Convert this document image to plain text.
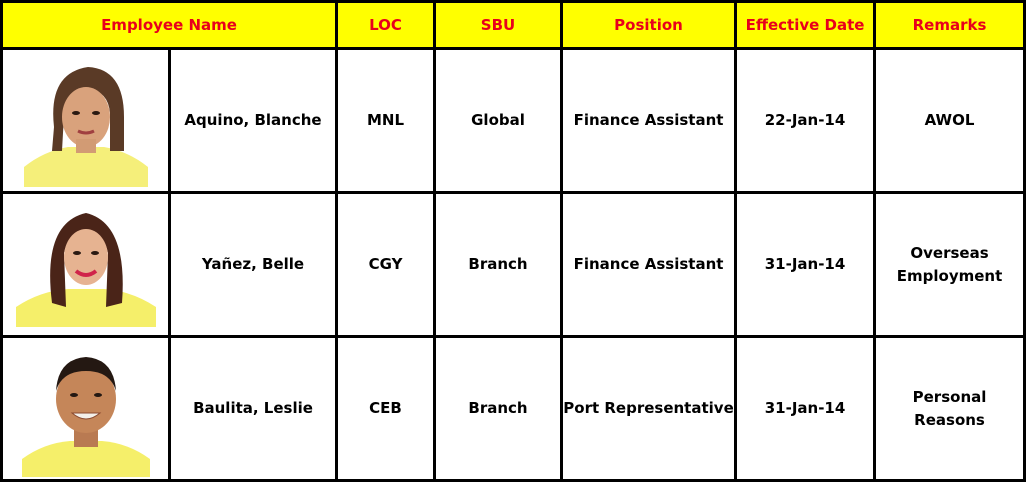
Employee Name		LOC	SBU	Position	Effective Date	Remarks

	Aquino, Blanche	MNL	Global	Finance Assistant	22-Jan-14	AWOL

	Yañez, Belle	CGY	Branch	Finance Assistant	31-Jan-14	Overseas Employment

	Baulita, Leslie	CEB	Branch	Port Representative	31-Jan-14	Personal Reasons
